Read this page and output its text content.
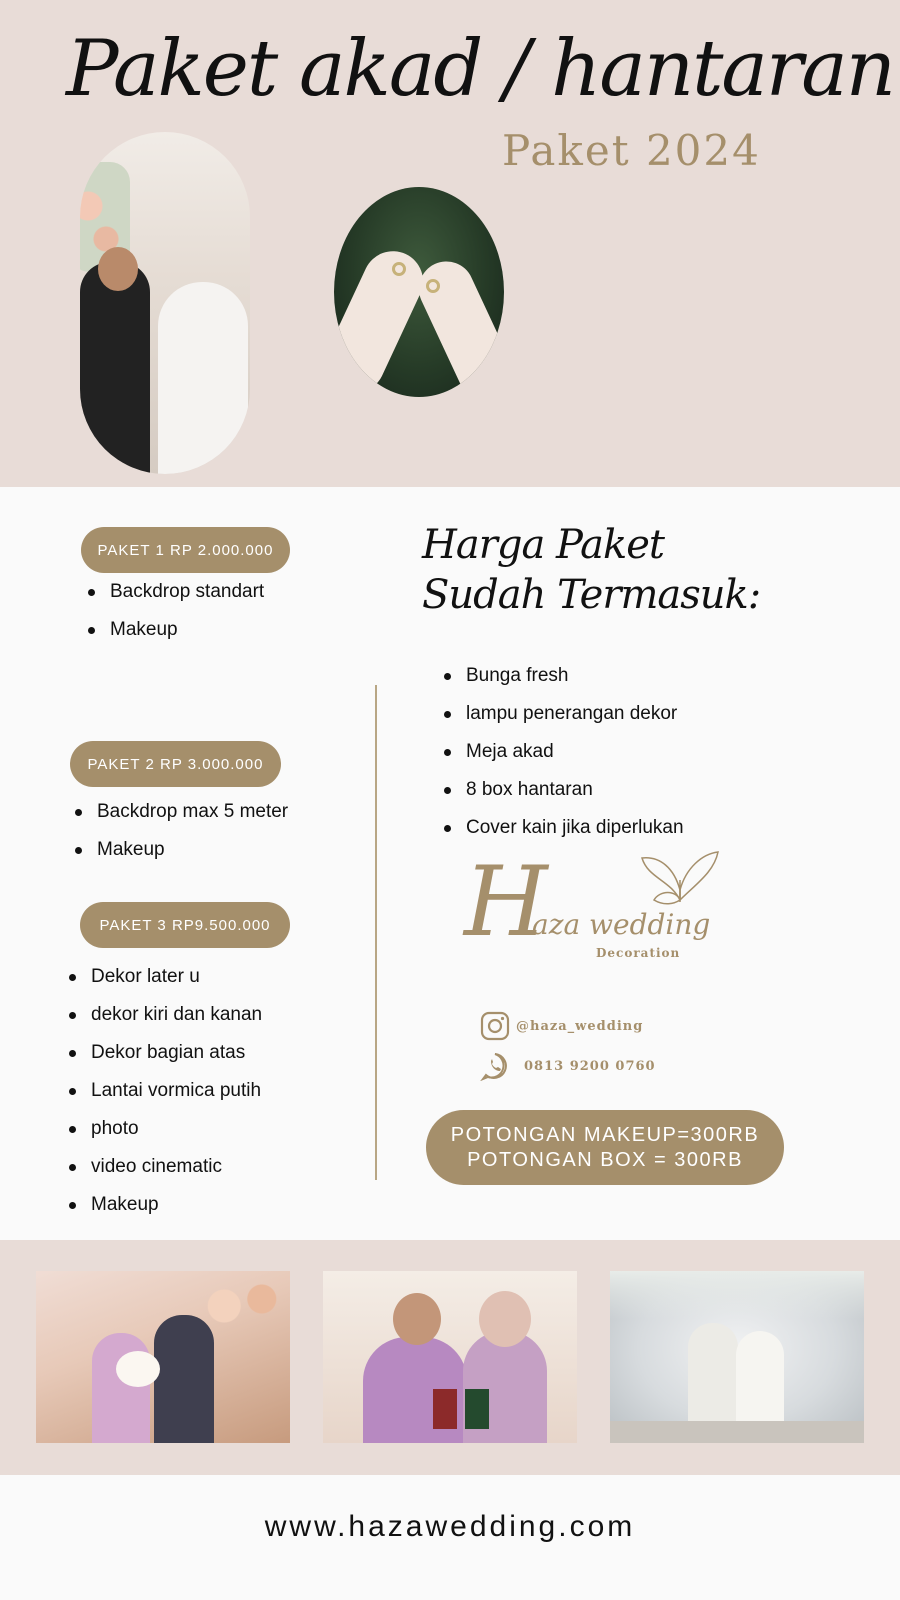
Paket akad / hantaran
Paket 2024
PAKET 1 RP 2.000.000
Backdrop standart
Makeup
PAKET 2 RP 3.000.000
Backdrop max 5 meter
Makeup
PAKET 3 RP9.500.000
Dekor later u
dekor kiri dan kanan
Dekor bagian atas
Lantai vormica putih
photo
video cinematic
Makeup
Harga Paket
Sudah Termasuk:
Bunga fresh
lampu penerangan dekor
Meja akad
8 box hantaran
Cover kain jika diperlukan
H
aza wedding
Decoration
@haza_wedding
0813 9200 0760
POTONGAN MAKEUP=300RB
POTONGAN BOX = 300RB
www.hazawedding.com
